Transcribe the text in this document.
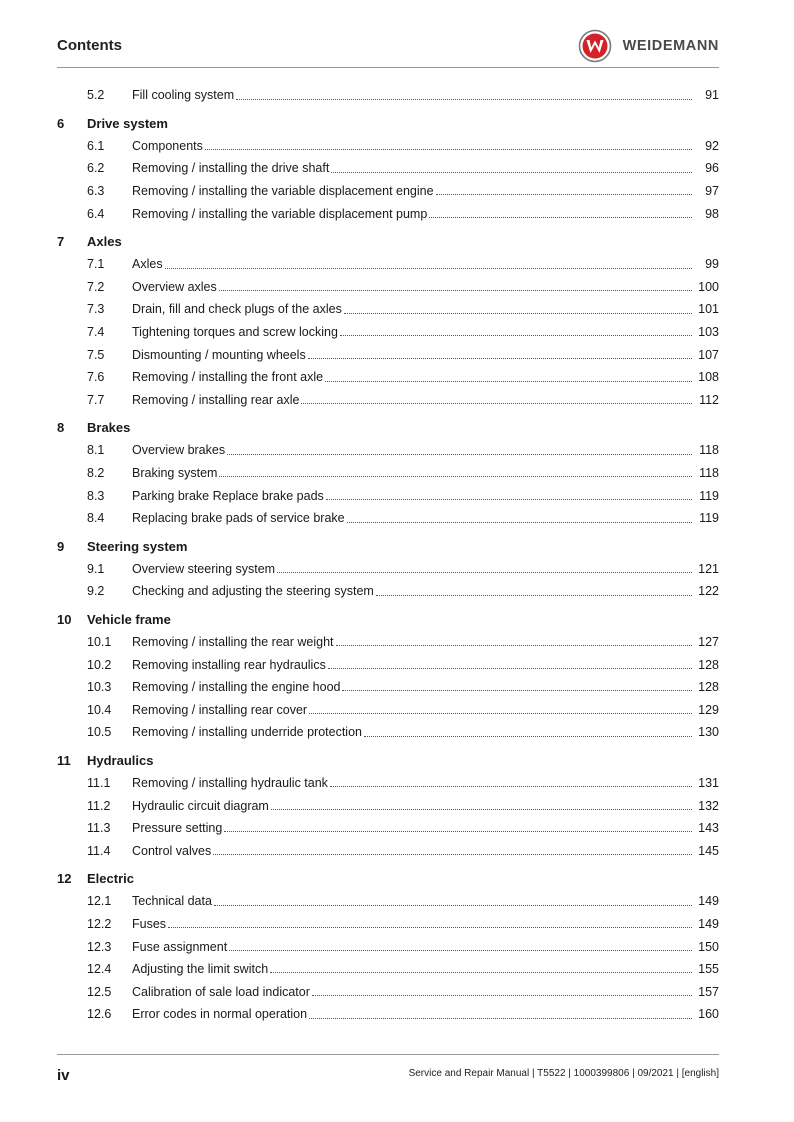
Contents	WEIDEMANN
5.2	Fill cooling system	91
6	Drive system
6.1	Components	92
6.2	Removing / installing the drive shaft	96
6.3	Removing / installing the variable displacement engine	97
6.4	Removing / installing the variable displacement pump	98
7	Axles
7.1	Axles	99
7.2	Overview axles	100
7.3	Drain, fill and check plugs of the axles	101
7.4	Tightening torques and screw locking	103
7.5	Dismounting / mounting wheels	107
7.6	Removing / installing the front axle	108
7.7	Removing / installing rear axle	112
8	Brakes
8.1	Overview brakes	118
8.2	Braking system	118
8.3	Parking brake Replace brake pads	119
8.4	Replacing brake pads of service brake	119
9	Steering system
9.1	Overview steering system	121
9.2	Checking and adjusting the steering system	122
10	Vehicle frame
10.1	Removing / installing the rear weight	127
10.2	Removing installing rear hydraulics	128
10.3	Removing / installing the engine hood	128
10.4	Removing / installing rear cover	129
10.5	Removing / installing underride protection	130
11	Hydraulics
11.1	Removing / installing hydraulic tank	131
11.2	Hydraulic circuit diagram	132
11.3	Pressure setting	143
11.4	Control valves	145
12	Electric
12.1	Technical data	149
12.2	Fuses	149
12.3	Fuse assignment	150
12.4	Adjusting the limit switch	155
12.5	Calibration of sale load indicator	157
12.6	Error codes in normal operation	160
iv	Service and Repair Manual | T5522 | 1000399806 | 09/2021 | [english]
